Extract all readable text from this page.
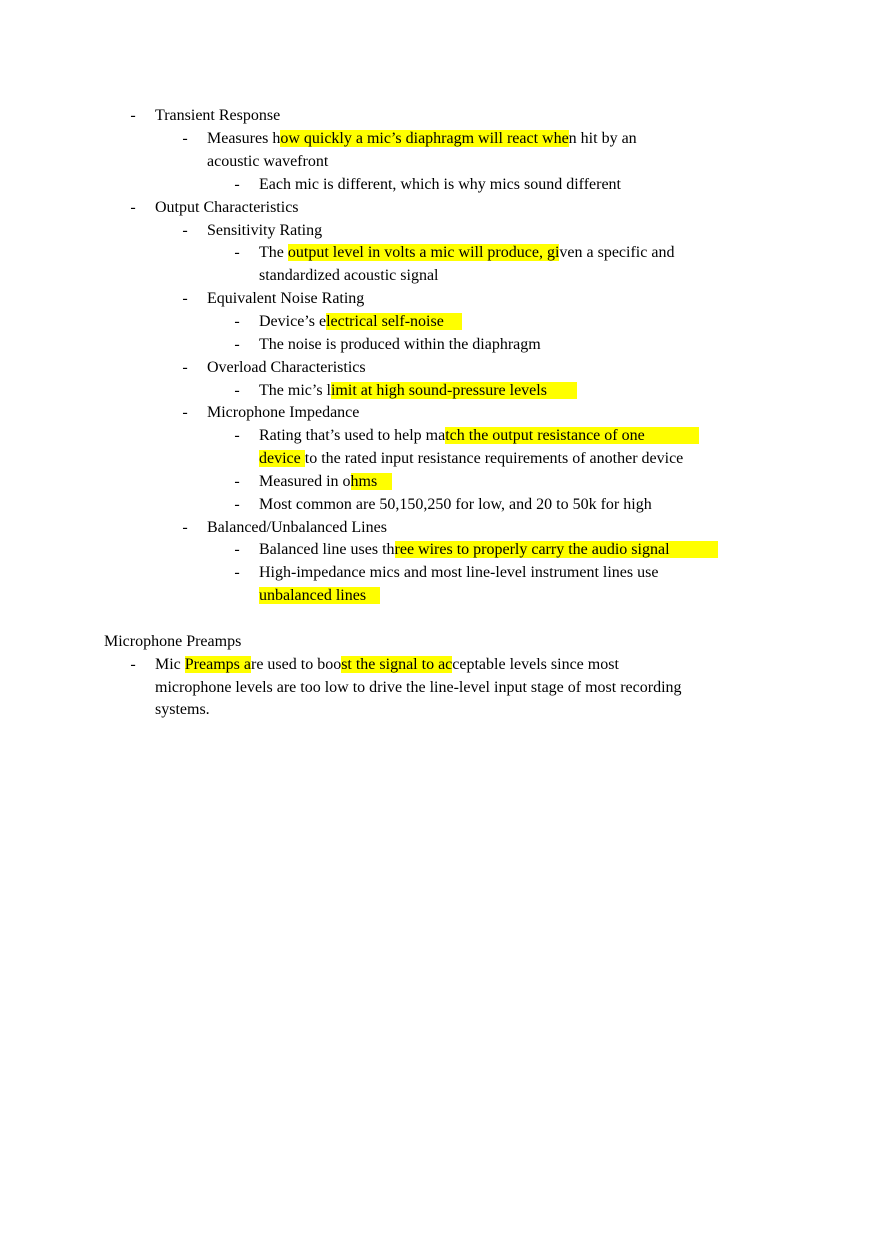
- Transient Response
- Measures how quickly a mic’s diaphragm will react when hit by an
acoustic wavefront
- Each mic is different, which is why mics sound different
- Output Characteristics
- Sensitivity Rating
- The output level in volts a mic will produce, given a specific and
standardized acoustic signal
- Equivalent Noise Rating
- Device’s electrical self-noise
- The noise is produced within the diaphragm
- Overload Characteristics
- The mic’s limit at high sound-pressure levels
- Microphone Impedance
- Rating that’s used to help match the output resistance of one
device to the rated input resistance requirements of another device
- Measured in ohms
- Most common are 50,150,250 for low, and 20 to 50k for high
- Balanced/Unbalanced Lines
- Balanced line uses three wires to properly carry the audio signal
- High-impedance mics and most line-level instrument lines use
unbalanced lines
Microphone Preamps
- Mic Preamps are used to boost the signal to acceptable levels since most
microphone levels are too low to drive the line-level input stage of most recording
systems.
